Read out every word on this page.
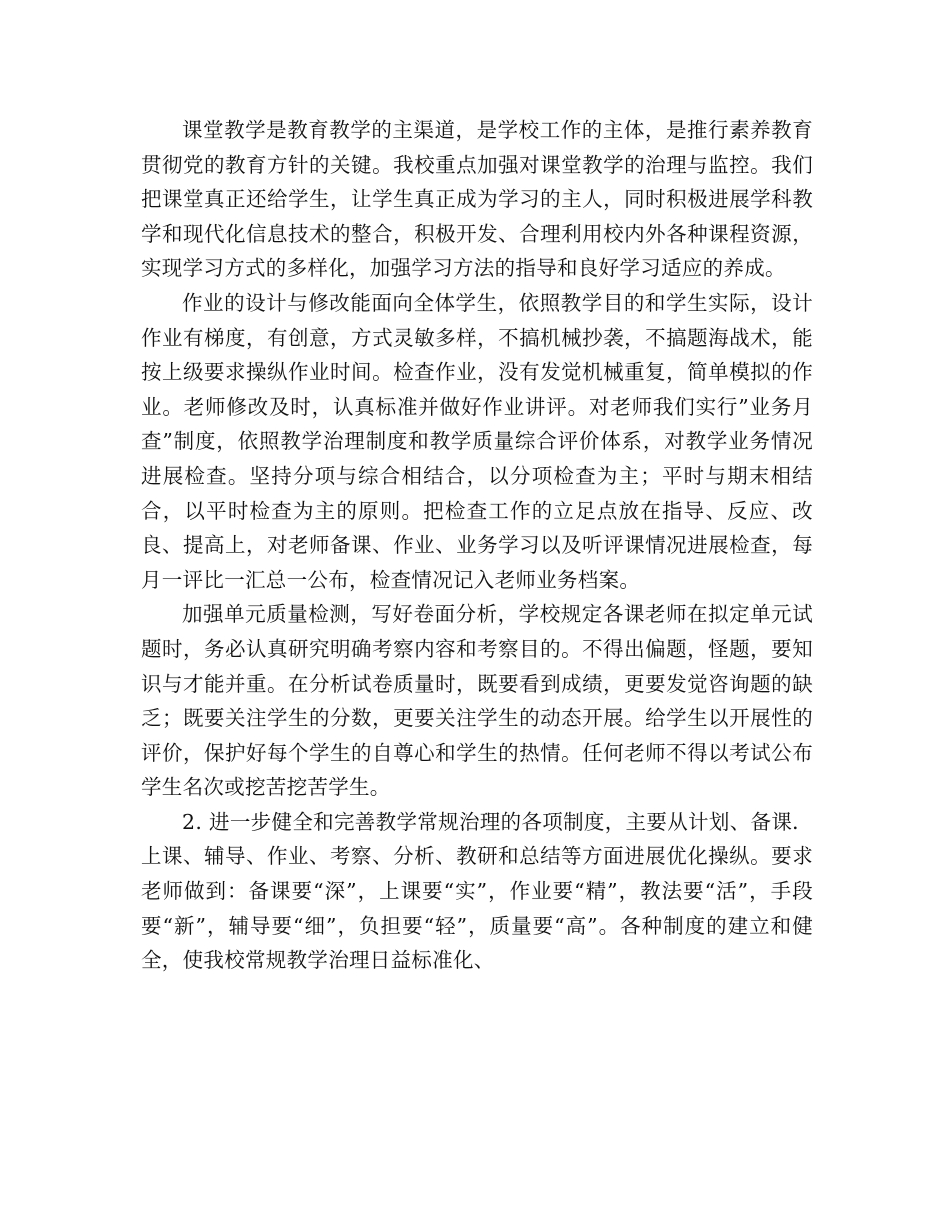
课堂教学是教育教学的主渠道，是学校工作的主体，是推行素养教育贯彻党的教育方针的关键。我校重点加强对课堂教学的治理与监控。我们把课堂真正还给学生，让学生真正成为学习的主人，同时积极进展学科教学和现代化信息技术的整合，积极开发、合理利用校内外各种课程资源，实现学习方式的多样化，加强学习方法的指导和良好学习适应的养成。

作业的设计与修改能面向全体学生，依照教学目的和学生实际，设计作业有梯度，有创意，方式灵敏多样，不搞机械抄袭，不搞题海战术，能按上级要求操纵作业时间。检查作业，没有发觉机械重复，简单模拟的作业。老师修改及时，认真标准并做好作业讲评。对老师我们实行”业务月查”制度，依照教学治理制度和教学质量综合评价体系，对教学业务情况进展检查。坚持分项与综合相结合，以分项检查为主；平时与期末相结合，以平时检查为主的原则。把检查工作的立足点放在指导、反应、改良、提高上，对老师备课、作业、业务学习以及听评课情况进展检查，每月一评比一汇总一公布，检查情况记入老师业务档案。

加强单元质量检测，写好卷面分析，学校规定各课老师在拟定单元试题时，务必认真研究明确考察内容和考察目的。不得出偏题，怪题，要知识与才能并重。在分析试卷质量时，既要看到成绩，更要发觉咨询题的缺乏；既要关注学生的分数，更要关注学生的动态开展。给学生以开展性的评价，保护好每个学生的自尊心和学生的热情。任何老师不得以考试公布学生名次或挖苦挖苦学生。

2. 进一步健全和完善教学常规治理的各项制度，主要从计划、备课．上课、辅导、作业、考察、分析、教研和总结等方面进展优化操纵。要求老师做到：备课要“深”，上课要“实”，作业要“精”，教法要“活”，手段要“新”，辅导要“细”，负担要“轻”，质量要“高”。各种制度的建立和健全，使我校常规教学治理日益标准化、
